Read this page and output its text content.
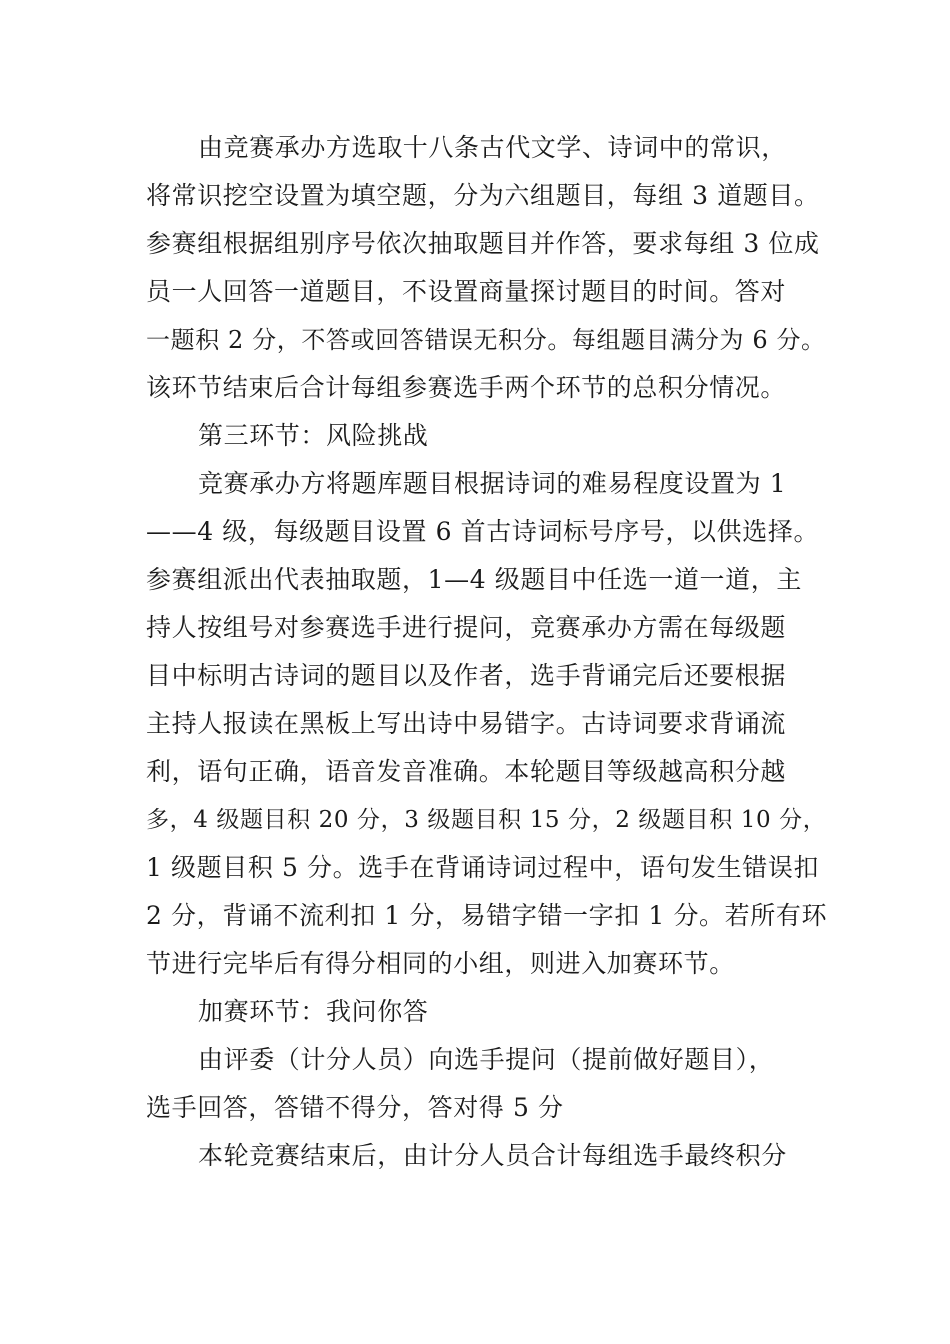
由竞赛承办方选取十八条古代文学、诗词中的常识，
将常识挖空设置为填空题，分为六组题目，每组 3 道题目。
参赛组根据组别序号依次抽取题目并作答，要求每组 3 位成
员一人回答一道题目，不设置商量探讨题目的时间。答对
一题积 2 分，不答或回答错误无积分。每组题目满分为 6 分。
该环节结束后合计每组参赛选手两个环节的总积分情况。
第三环节：风险挑战
竞赛承办方将题库题目根据诗词的难易程度设置为 1
——4 级，每级题目设置 6 首古诗词标号序号，以供选择。
参赛组派出代表抽取题，1—4 级题目中任选一道一道，主
持人按组号对参赛选手进行提问，竞赛承办方需在每级题
目中标明古诗词的题目以及作者，选手背诵完后还要根据
主持人报读在黑板上写出诗中易错字。古诗词要求背诵流
利，语句正确，语音发音准确。本轮题目等级越高积分越
多，4 级题目积 20 分，3 级题目积 15 分，2 级题目积 10 分，
1 级题目积 5 分。选手在背诵诗词过程中，语句发生错误扣
2 分，背诵不流利扣 1 分，易错字错一字扣 1 分。若所有环
节进行完毕后有得分相同的小组，则进入加赛环节。
加赛环节：我问你答
由评委（计分人员）向选手提问（提前做好题目），
选手回答，答错不得分，答对得 5 分
本轮竞赛结束后，由计分人员合计每组选手最终积分
